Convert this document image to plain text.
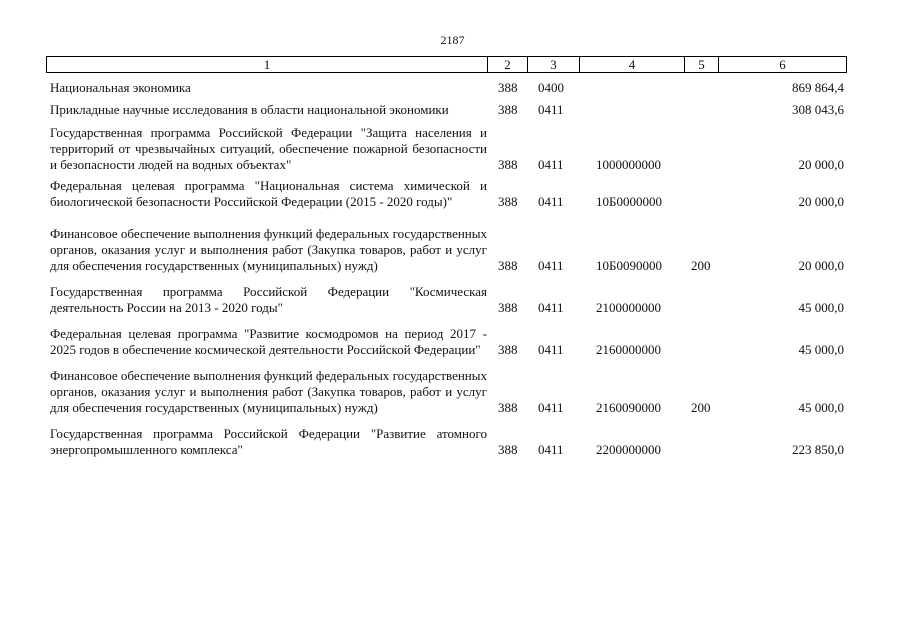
2187
1	2	3	4	5	6
Национальная экономика	388 0400	869 864,4
Прикладные научные исследования в области национальной экономики	388 0411	308 043,6
Государственная программа Российской Федерации "Защита населения и территорий от чрезвычайных ситуаций, обеспечение пожарной безопасности и безопасности людей на водных объектах"	388 0411 1000000000	20 000,0
Федеральная целевая программа "Национальная система химической и биологической безопасности Российской Федерации (2015 - 2020 годы)"	388 0411 10Б0000000	20 000,0
Финансовое обеспечение выполнения функций федеральных государственных органов, оказания услуг и выполнения работ (Закупка товаров, работ и услуг для обеспечения государственных (муниципальных) нужд)	388 0411 10Б0090000 200	20 000,0
Государственная программа Российской Федерации "Космическая деятельность России на 2013 - 2020 годы"	388 0411 2100000000	45 000,0
Федеральная целевая программа "Развитие космодромов на период 2017 - 2025 годов в обеспечение космической деятельности Российской Федерации"	388 0411 2160000000	45 000,0
Финансовое обеспечение выполнения функций федеральных государственных органов, оказания услуг и выполнения работ (Закупка товаров, работ и услуг для обеспечения государственных (муниципальных) нужд)	388 0411 2160090000 200	45 000,0
Государственная программа Российской Федерации "Развитие атомного энергопромышленного комплекса"	388 0411 2200000000	223 850,0
